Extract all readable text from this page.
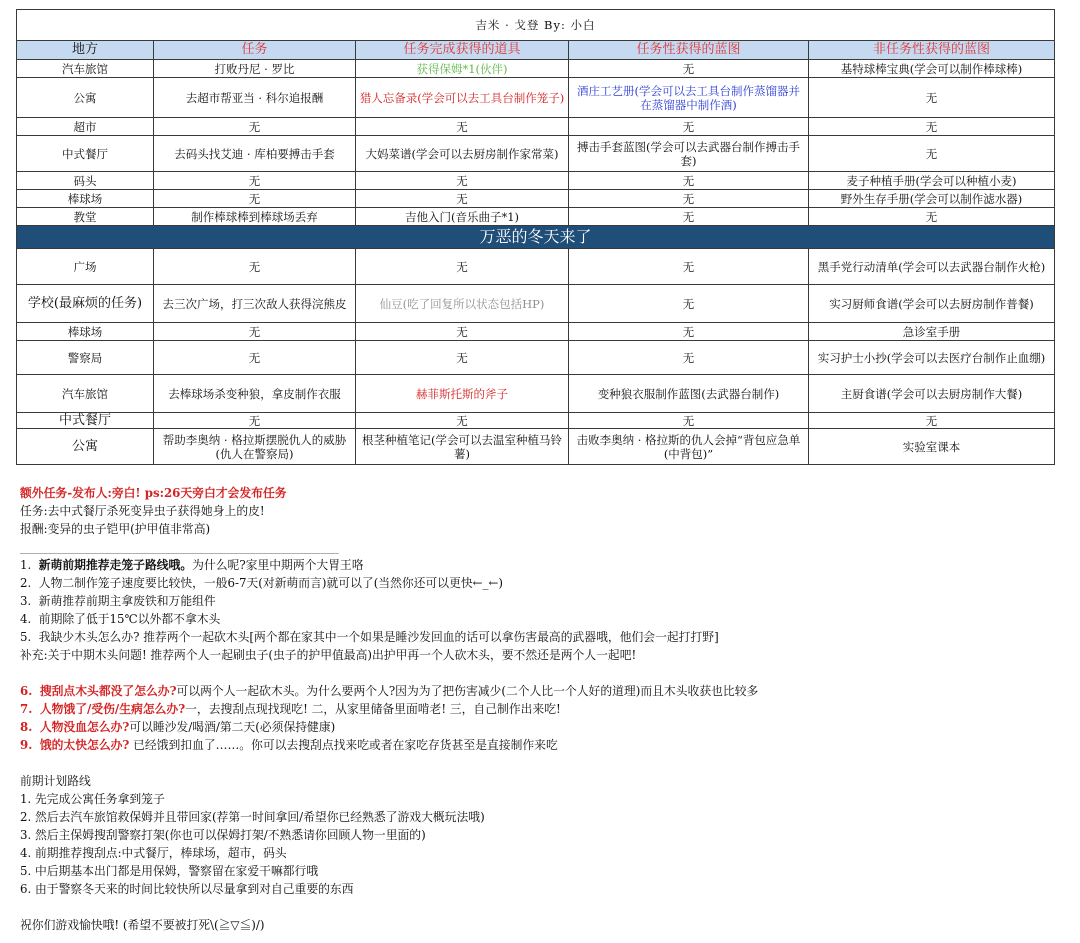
吉米 · 戈登 By: 小白				
地方	任务	任务完成获得的道具	任务性获得的蓝图	非任务性获得的蓝图
汽车旅馆	打败丹尼 · 罗比	获得保姆*1(伙伴)	无	基特球棒宝典(学会可以制作棒球棒)
公寓	去超市帮亚当 · 科尔追报酬	猎人忘备录(学会可以去工具台制作笼子)	酒庄工艺册(学会可以去工具台制作蒸馏器并在蒸馏器中制作酒)	无
超市	无	无	无	无
中式餐厅	去码头找艾迪 · 库柏要搏击手套	大妈菜谱(学会可以去厨房制作家常菜)	搏击手套蓝图(学会可以去武器台制作搏击手套)	无
码头	无	无	无	麦子种植手册(学会可以种植小麦)
棒球场	无	无	无	野外生存手册(学会可以制作滤水器)
教堂	制作棒球棒到棒球场丢弃	吉他入门(音乐曲子*1)	无	无
万恶的冬天来了				
广场	无	无	无	黑手党行动清单(学会可以去武器台制作火枪)
学校(最麻烦的任务)	去三次广场，打三次敌人获得浣熊皮	仙豆(吃了回复所以状态包括HP)	无	实习厨师食谱(学会可以去厨房制作普餐)
棒球场	无	无	无	急诊室手册
警察局	无	无	无	实习护士小抄(学会可以去医疗台制作止血绷)
汽车旅馆	去棒球场杀变种狼，拿皮制作衣服	赫菲斯托斯的斧子	变种狼衣服制作蓝图(去武器台制作)	主厨食谱(学会可以去厨房制作大餐)
中式餐厅	无	无	无	无
公寓	帮助李奥纳 · 格拉斯摆脱仇人的威胁(仇人在警察局)	根茎种植笔记(学会可以去温室种植马铃薯)	击败李奥纳 · 格拉斯的仇人会掉“背包应急单(中背包)”	实验室课本
额外任务-发布人:旁白! ps:26天旁白才会发布任务
任务:去中式餐厅杀死变异虫子获得她身上的皮!
报酬:变异的虫子铠甲(护甲值非常高)
______________________________________________________
1. 新萌前期推荐走笼子路线哦。为什么呢?家里中期两个大胃王咯
2. 人物二制作笼子速度要比较快，一般6-7天(对新萌而言)就可以了(当然你还可以更快←_←)
3. 新萌推荐前期主拿废铁和万能组件
4. 前期除了低于15℃以外都不拿木头
5. 我缺少木头怎么办? 推荐两个一起砍木头[两个都在家其中一个如果是睡沙发回血的话可以拿伤害最高的武器哦，他们会一起打打野]
补充:关于中期木头问题! 推荐两个人一起刷虫子(虫子的护甲值最高)出护甲再一个人砍木头，要不然还是两个人一起吧!
6. 搜刮点木头都没了怎么办?可以两个人一起砍木头。为什么要两个人?因为为了把伤害减少(二个人比一个人好的道理)而且木头收获也比较多
7. 人物饿了/受伤/生病怎么办?一，去搜刮点现找现吃! 二，从家里储备里面啃老! 三，自己制作出来吃!
8. 人物没血怎么办?可以睡沙发/喝酒/第二天(必须保持健康)
9. 饿的太快怎么办? 已经饿到扣血了……。你可以去搜刮点找来吃或者在家吃存货甚至是直接制作来吃
前期计划路线
1. 先完成公寓任务拿到笼子
2. 然后去汽车旅馆救保姆并且带回家(荐第一时间拿回/希望你已经熟悉了游戏大概玩法哦)
3. 然后主保姆搜刮警察打架(你也可以保姆打架/不熟悉请你回顾人物一里面的)
4. 前期推荐搜刮点:中式餐厅，棒球场，超市，码头
5. 中后期基本出门都是用保姆，警察留在家爱干嘛都行哦
6. 由于警察冬天来的时间比较快所以尽量拿到对自己重要的东西
祝你们游戏愉快哦! (希望不要被打死\(≧▽≦)/)
